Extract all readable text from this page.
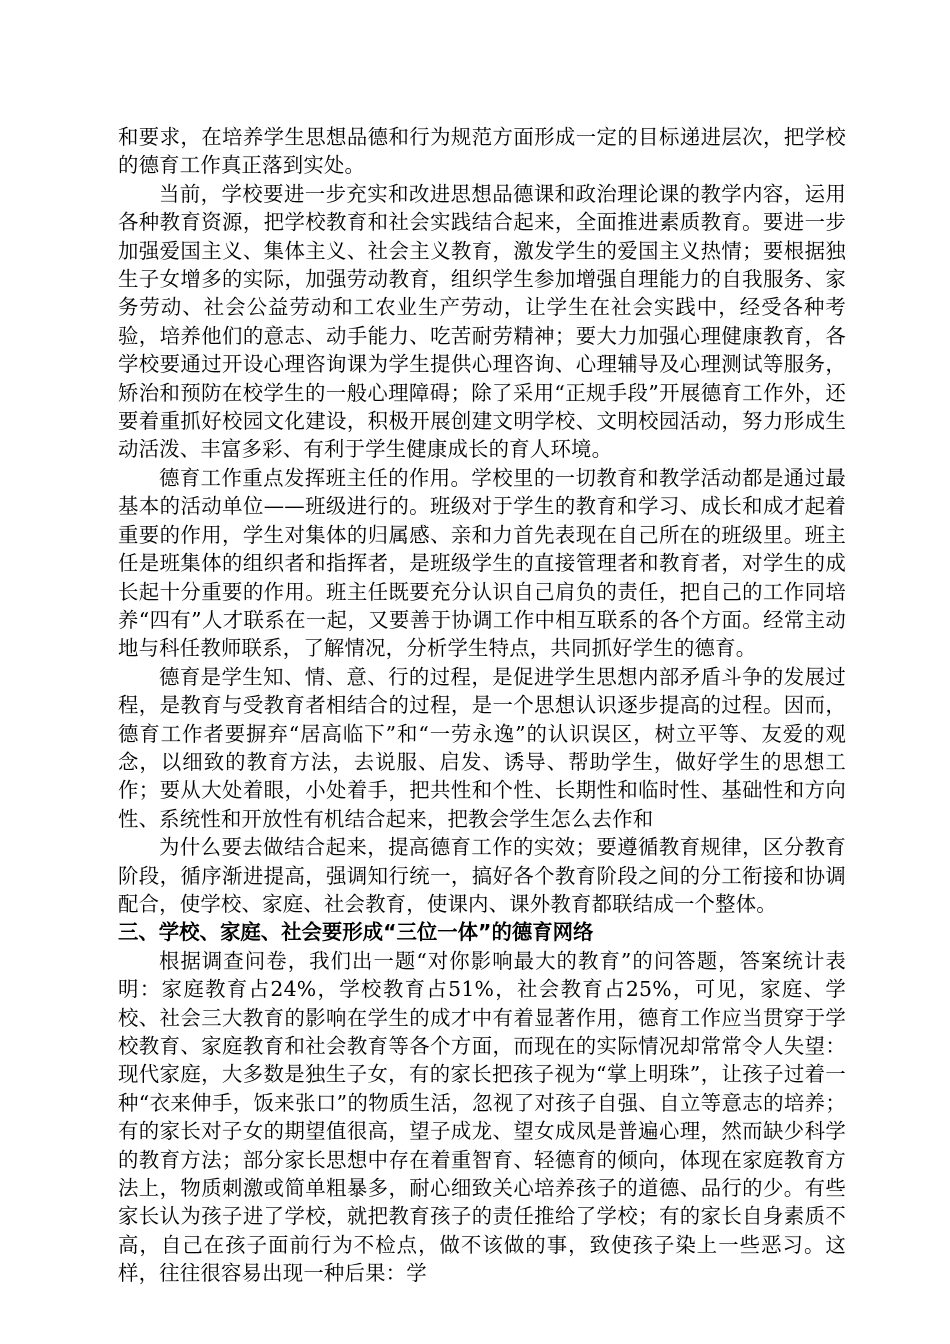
和要求，在培养学生思想品德和行为规范方面形成一定的目标递进层次，把学校的德育工作真正落到实处。

当前，学校要进一步充实和改进思想品德课和政治理论课的教学内容，运用各种教育资源，把学校教育和社会实践结合起来，全面推进素质教育。要进一步加强爱国主义、集体主义、社会主义教育，激发学生的爱国主义热情；要根据独生子女增多的实际，加强劳动教育，组织学生参加增强自理能力的自我服务、家务劳动、社会公益劳动和工农业生产劳动，让学生在社会实践中，经受各种考验，培养他们的意志、动手能力、吃苦耐劳精神；要大力加强心理健康教育，各学校要通过开设心理咨询课为学生提供心理咨询、心理辅导及心理测试等服务，矫治和预防在校学生的一般心理障碍；除了采用“正规手段”开展德育工作外，还要着重抓好校园文化建设，积极开展创建文明学校、文明校园活动，努力形成生动活泼、丰富多彩、有利于学生健康成长的育人环境。

德育工作重点发挥班主任的作用。学校里的一切教育和教学活动都是通过最基本的活动单位——班级进行的。班级对于学生的教育和学习、成长和成才起着重要的作用，学生对集体的归属感、亲和力首先表现在自己所在的班级里。班主任是班集体的组织者和指挥者，是班级学生的直接管理者和教育者，对学生的成长起十分重要的作用。班主任既要充分认识自己肩负的责任，把自己的工作同培养“四有”人才联系在一起，又要善于协调工作中相互联系的各个方面。经常主动地与科任教师联系，了解情况，分析学生特点，共同抓好学生的德育。

德育是学生知、情、意、行的过程，是促进学生思想内部矛盾斗争的发展过程，是教育与受教育者相结合的过程，是一个思想认识逐步提高的过程。因而，德育工作者要摒弃“居高临下”和“一劳永逸”的认识误区，树立平等、友爱的观念，以细致的教育方法，去说服、启发、诱导、帮助学生，做好学生的思想工作；要从大处着眼，小处着手，把共性和个性、长期性和临时性、基础性和方向性、系统性和开放性有机结合起来，把教会学生怎么去作和

为什么要去做结合起来，提高德育工作的实效；要遵循教育规律，区分教育阶段，循序渐进提高，强调知行统一，搞好各个教育阶段之间的分工衔接和协调配合，使学校、家庭、社会教育，使课内、课外教育都联结成一个整体。

三、学校、家庭、社会要形成“三位一体”的德育网络

根据调查问卷，我们出一题“对你影响最大的教育”的问答题，答案统计表明：家庭教育占24%，学校教育占51%，社会教育占25%，可见，家庭、学校、社会三大教育的影响在学生的成才中有着显著作用，德育工作应当贯穿于学校教育、家庭教育和社会教育等各个方面，而现在的实际情况却常常令人失望：现代家庭，大多数是独生子女，有的家长把孩子视为“掌上明珠”，让孩子过着一种“衣来伸手，饭来张口”的物质生活，忽视了对孩子自强、自立等意志的培养；有的家长对子女的期望值很高，望子成龙、望女成凤是普遍心理，然而缺少科学的教育方法；部分家长思想中存在着重智育、轻德育的倾向，体现在家庭教育方法上，物质刺激或简单粗暴多，耐心细致关心培养孩子的道德、品行的少。有些家长认为孩子进了学校，就把教育孩子的责任推给了学校；有的家长自身素质不高，自己在孩子面前行为不检点，做不该做的事，致使孩子染上一些恶习。这样，往往很容易出现一种后果：学
